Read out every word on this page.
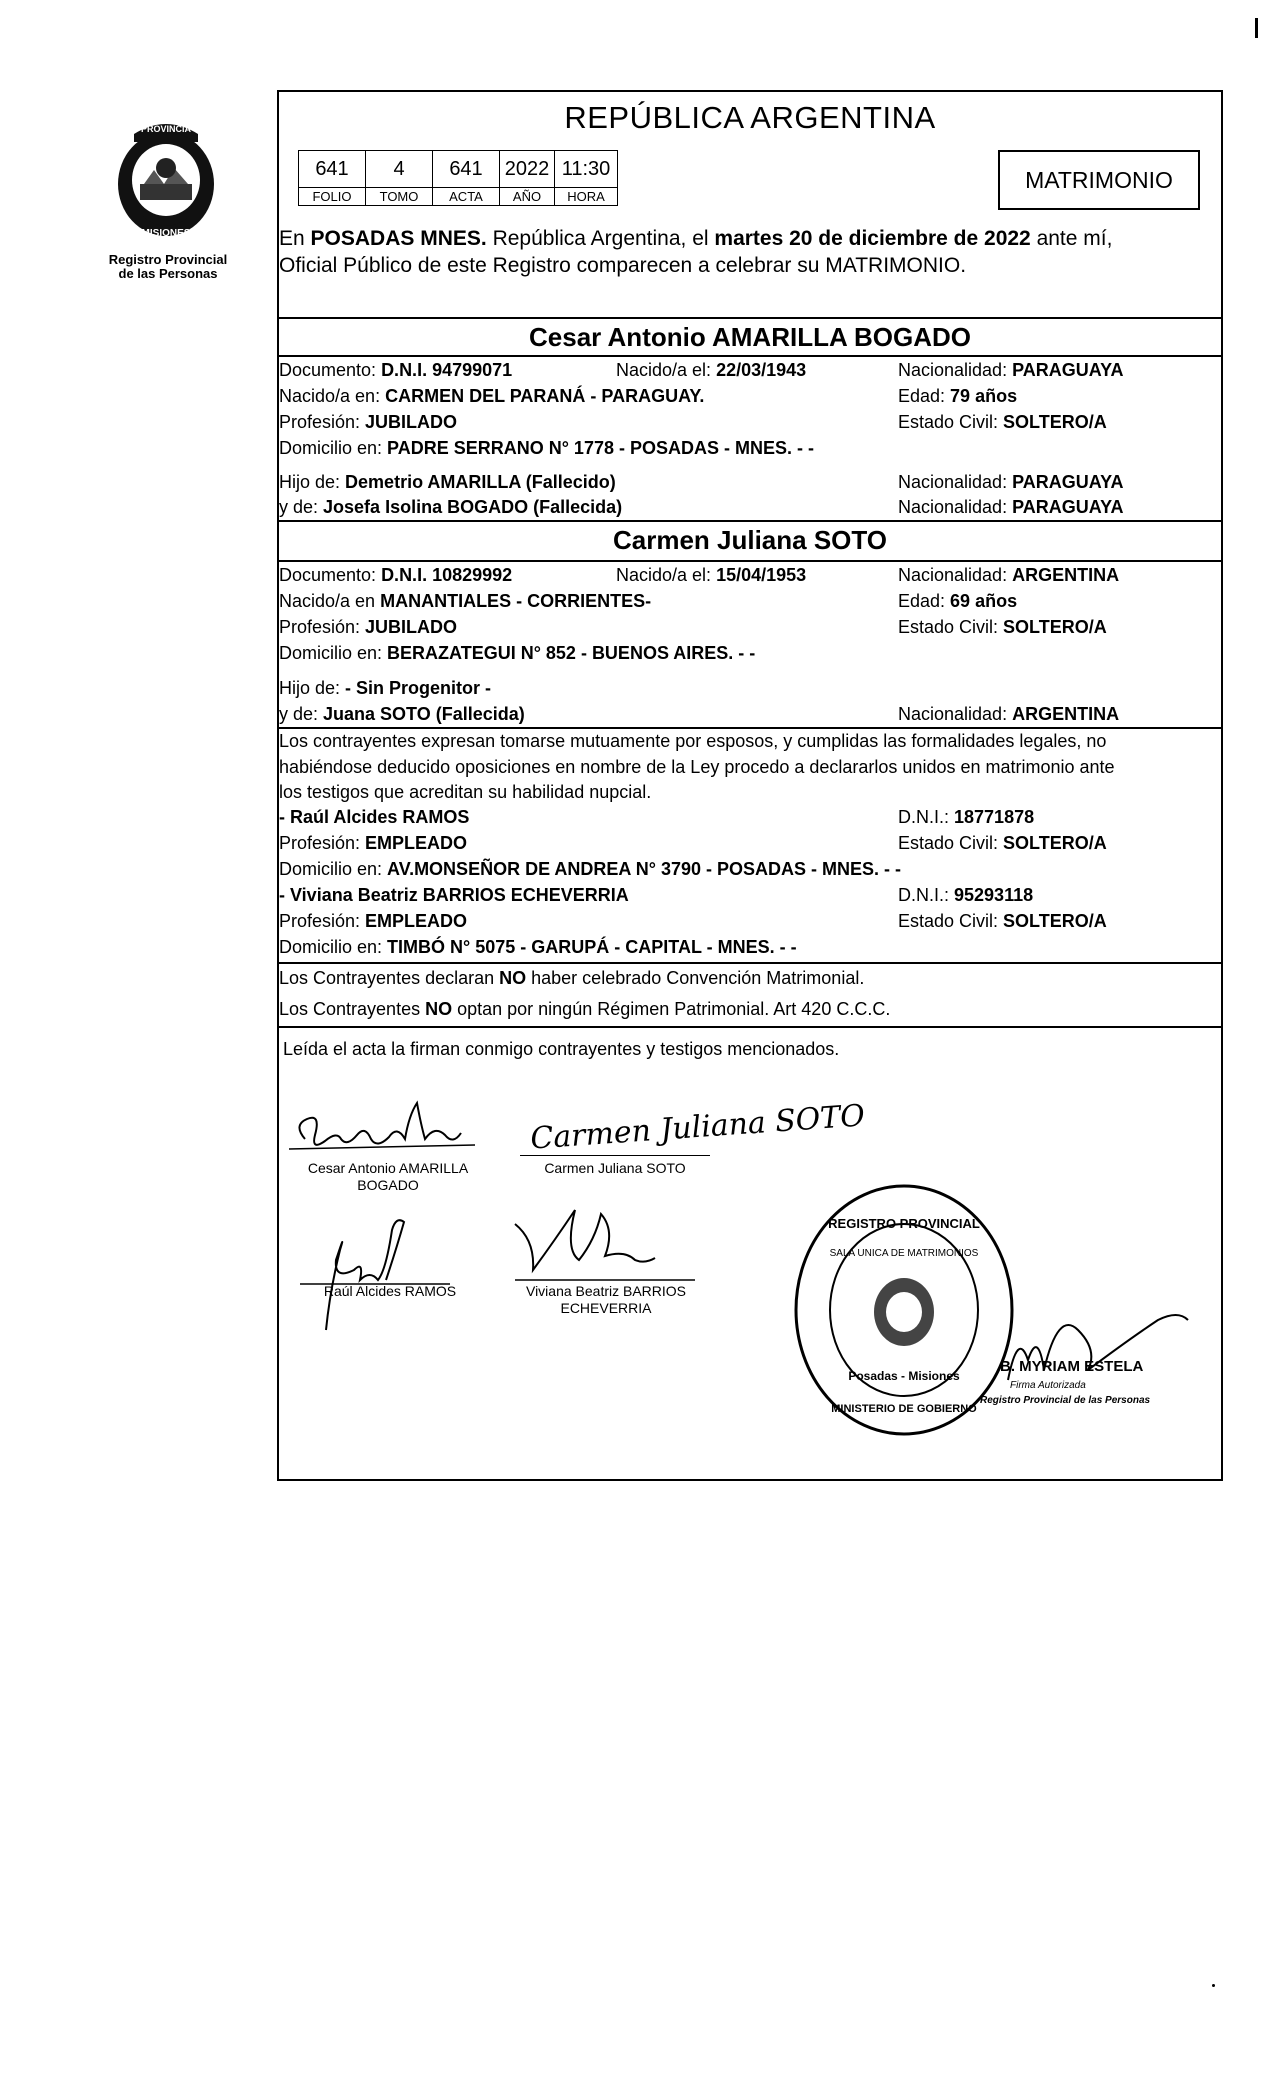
PROVINCIA
MISIONES
Registro Provincial
de las Personas
REPÚBLICA ARGENTINA
641	4	641	2022	11:30
FOLIO	TOMO	ACTA	AÑO	HORA
MATRIMONIO
En POSADAS MNES. República Argentina, el martes 20 de diciembre de 2022 ante mí,
Oficial Público de este Registro comparecen a celebrar su MATRIMONIO.
Cesar Antonio AMARILLA BOGADO
Documento: D.N.I. 94799071	Nacido/a el: 22/03/1943	Nacionalidad: PARAGUAYA
Nacido/a en: CARMEN DEL PARANÁ - PARAGUAY.	Edad: 79 años
Profesión: JUBILADO	Estado Civil: SOLTERO/A
Domicilio en: PADRE SERRANO N° 1778 - POSADAS - MNES. - -
Hijo de: Demetrio AMARILLA (Fallecido)	Nacionalidad: PARAGUAYA
y de: Josefa Isolina BOGADO (Fallecida)	Nacionalidad: PARAGUAYA
Carmen Juliana SOTO
Documento: D.N.I. 10829992	Nacido/a el: 15/04/1953	Nacionalidad: ARGENTINA
Nacido/a en MANANTIALES - CORRIENTES-	Edad: 69 años
Profesión: JUBILADO	Estado Civil: SOLTERO/A
Domicilio en: BERAZATEGUI N° 852 - BUENOS AIRES. - -
Hijo de: - Sin Progenitor -
y de: Juana SOTO (Fallecida)	Nacionalidad: ARGENTINA
Los contrayentes expresan tomarse mutuamente por esposos, y cumplidas las formalidades legales, no
habiéndose deducido oposiciones en nombre de la Ley procedo a declararlos unidos en matrimonio ante
los testigos que acreditan su habilidad nupcial.
- Raúl Alcides RAMOS	D.N.I.: 18771878
Profesión: EMPLEADO	Estado Civil: SOLTERO/A
Domicilio en: AV.MONSEÑOR DE ANDREA N° 3790 - POSADAS - MNES. - -
- Viviana Beatriz BARRIOS ECHEVERRIA	D.N.I.: 95293118
Profesión: EMPLEADO	Estado Civil: SOLTERO/A
Domicilio en: TIMBÓ N° 5075 - GARUPÁ - CAPITAL - MNES. - -
Los Contrayentes declaran NO haber celebrado Convención Matrimonial.
Los Contrayentes NO optan por ningún Régimen Patrimonial. Art 420 C.C.C.
Leída el acta la firman conmigo contrayentes y testigos mencionados.
Cesar Antonio AMARILLA
BOGADO
Carmen Juliana SOTO
Carmen Juliana SOTO
Raúl Alcides RAMOS	Viviana Beatriz BARRIOS
ECHEVERRIA
REGISTRO PROVINCIAL
SALA UNICA DE MATRIMONIOS
Posadas - Misiones
MINISTERIO DE GOBIERNO
B. MYRIAM ESTELA
Firma Autorizada
Registro Provincial de las Personas
